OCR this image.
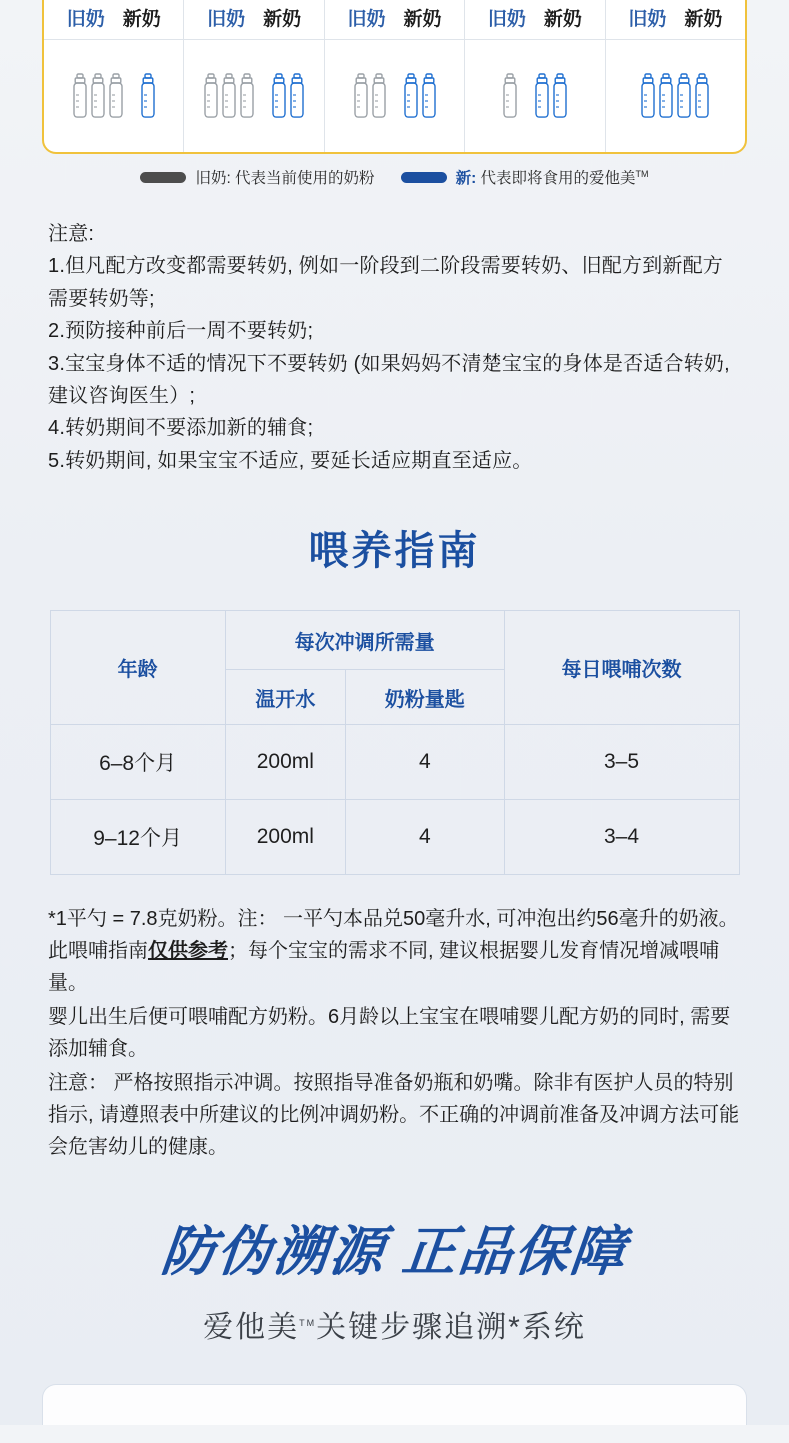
旧奶 新奶 旧奶 新奶 旧奶 新奶 旧奶 新奶 旧奶 新奶
旧奶: 代表当前使用的奶粉	新: 代表即将食用的爱他美™
注意:

1.但凡配方改变都需要转奶, 例如一阶段到二阶段需要转奶、旧配方到新配方需要转奶等;

2.预防接种前后一周不要转奶;

3.宝宝身体不适的情况下不要转奶 (如果妈妈不清楚宝宝的身体是否适合转奶, 建议咨询医生）;

4.转奶期间不要添加新的辅食;

5.转奶期间, 如果宝宝不适应, 要延长适应期直至适应。

喂养指南
年龄	每次冲调所需量		每日喂哺次数
	温开水	奶粉量匙	
6–8个月	200ml	4	3–5
9–12个月	200ml	4	3–4

*1平勺 = 7.8克奶粉。注： 一平勺本品兑50毫升水, 可冲泡出约56毫升的奶液。此喂哺指南仅供参考；每个宝宝的需求不同, 建议根据婴儿发育情况增减喂哺量。

婴儿出生后便可喂哺配方奶粉。6月龄以上宝宝在喂哺婴儿配方奶的同时, 需要添加辅食。

注意： 严格按照指示冲调。按照指导准备奶瓶和奶嘴。除非有医护人员的特别指示, 请遵照表中所建议的比例冲调奶粉。不正确的冲调前准备及冲调方法可能会危害幼儿的健康。

防伪溯源 正品保障
爱他美™关键步骤追溯*系统
